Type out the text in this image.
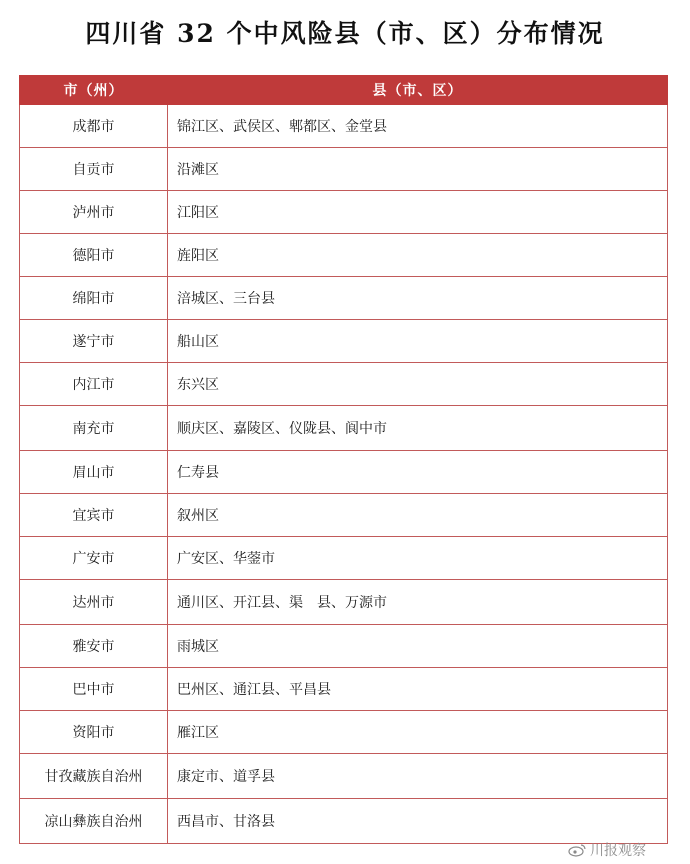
四川省 32 个中风险县（市、区）分布情况
市（州）	县（市、区）
成都市	锦江区、武侯区、郫都区、金堂县
自贡市	沿滩区
泸州市	江阳区
德阳市	旌阳区
绵阳市	涪城区、三台县
遂宁市	船山区
内江市	东兴区
南充市	顺庆区、嘉陵区、仪陇县、阆中市
眉山市	仁寿县
宜宾市	叙州区
广安市	广安区、华蓥市
达州市	通川区、开江县、渠　县、万源市
雅安市	雨城区
巴中市	巴州区、通江县、平昌县
资阳市	雁江区
甘孜藏族自治州	康定市、道孚县
凉山彝族自治州	西昌市、甘洛县
川报观察
